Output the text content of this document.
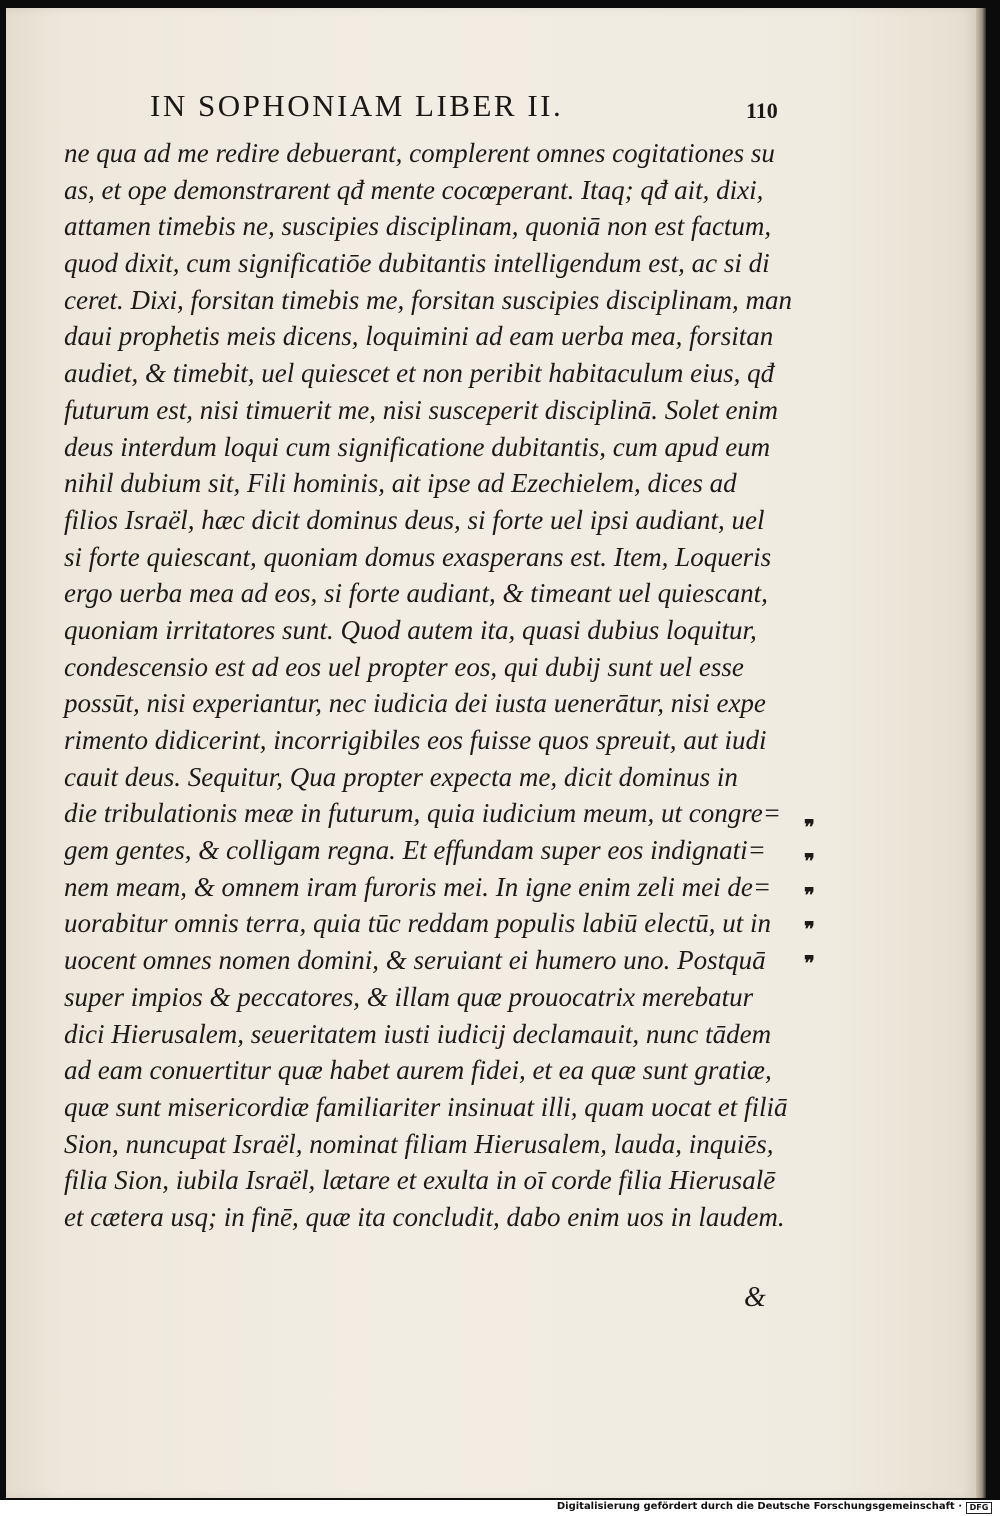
IN SOPHONIAM LIBER II.	110
ne qua ad me redire debuerant, complerent omnes cogitationes su
as, et ope demonstrarent qđ mente cocœperant. Itaq; qđ ait, dixi,
attamen timebis ne, suscipies disciplinam, quoniā non est factum,
quod dixit, cum significatiōe dubitantis intelligendum est, ac si di
ceret. Dixi, forsitan timebis me, forsitan suscipies disciplinam, man
daui prophetis meis dicens, loquimini ad eam uerba mea, forsitan
audiet, & timebit, uel quiescet et non peribit habitaculum eius, qđ
futurum est, nisi timuerit me, nisi susceperit disciplinā. Solet enim
deus interdum loqui cum significatione dubitantis, cum apud eum
nihil dubium sit, Fili hominis, ait ipse ad Ezechielem, dices ad
filios Israël, hæc dicit dominus deus, si forte uel ipsi audiant, uel
si forte quiescant, quoniam domus exasperans est. Item, Loqueris
ergo uerba mea ad eos, si forte audiant, & timeant uel quiescant,
quoniam irritatores sunt. Quod autem ita, quasi dubius loquitur,
condescensio est ad eos uel propter eos, qui dubij sunt uel esse
possūt, nisi experiantur, nec iudicia dei iusta uenerātur, nisi expe
rimento didicerint, incorrigibiles eos fuisse quos spreuit, aut iudi
cauit deus. Sequitur, Qua propter expecta me, dicit dominus in
die tribulationis meæ in futurum, quia iudicium meum, ut congre=
gem gentes, & colligam regna. Et effundam super eos indignati=
nem meam, & omnem iram furoris mei. In igne enim zeli mei de=
uorabitur omnis terra, quia tūc reddam populis labiū electū, ut in
uocent omnes nomen domini, & seruiant ei humero uno. Postquā
super impios & peccatores, & illam quæ prouocatrix merebatur
dici Hierusalem, seueritatem iusti iudicij declamauit, nunc tādem
ad eam conuertitur quæ habet aurem fidei, et ea quæ sunt gratiæ,
quæ sunt misericordiæ familiariter insinuat illi, quam uocat et filiā
Sion, nuncupat Israël, nominat filiam Hierusalem, lauda, inquiēs,
filia Sion, iubila Israël, lætare et exulta in oī corde filia Hierusalē
et cætera usq; in finē, quæ ita concludit, dabo enim uos in laudem.
❞
❞
❞
❞
❞
&
Digitalisierung gefördert durch die Deutsche Forschungsgemeinschaft · DFG
